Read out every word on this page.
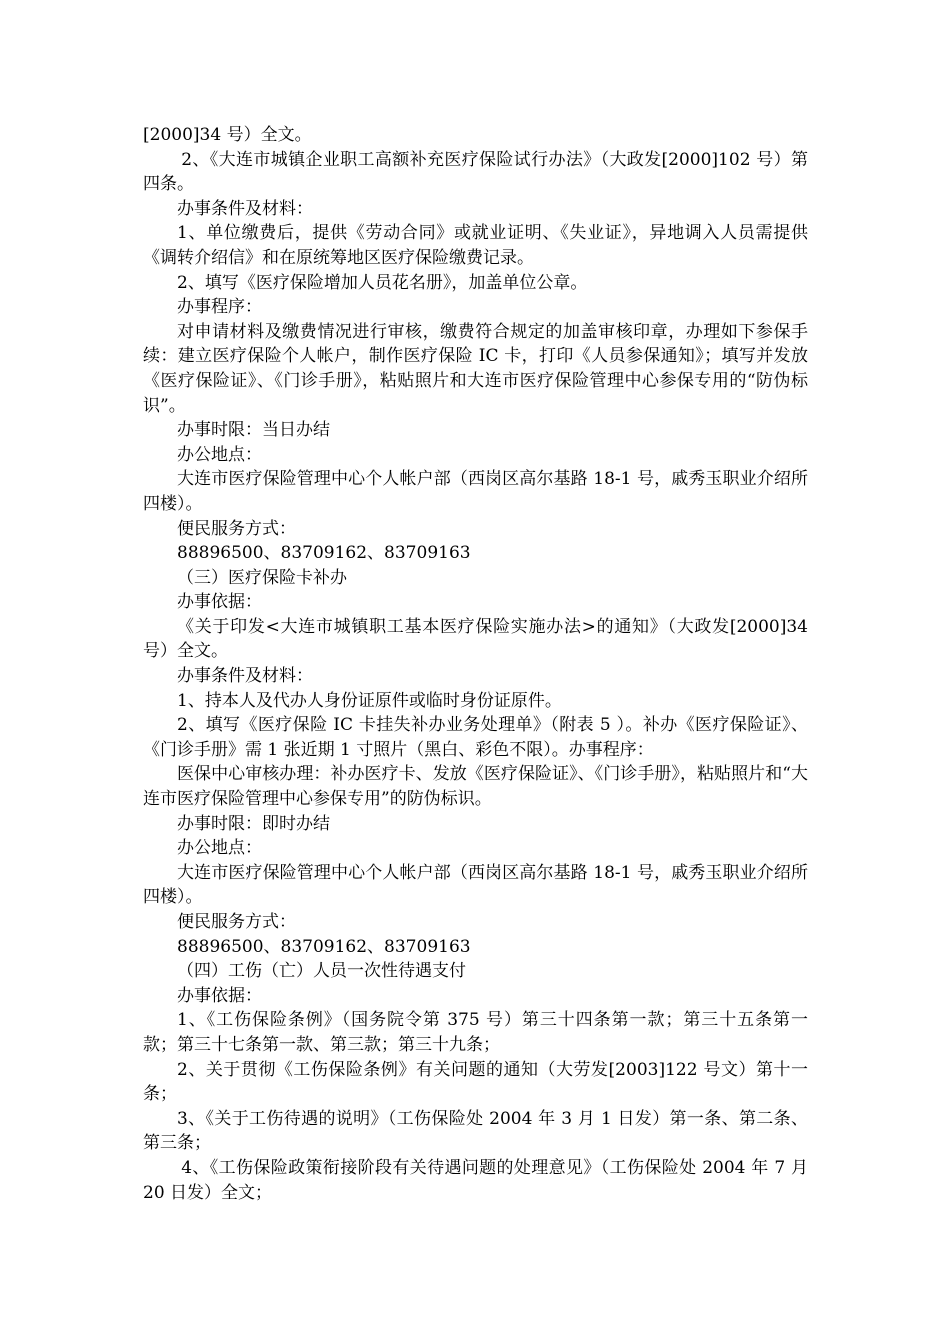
[2000]34 号）全文。

2、《大连市城镇企业职工高额补充医疗保险试行办法》（大政发[2000]102 号）第四条。

办事条件及材料：

1、单位缴费后，提供《劳动合同》或就业证明、《失业证》，异地调入人员需提供《调转介绍信》和在原统筹地区医疗保险缴费记录。

2、填写《医疗保险增加人员花名册》，加盖单位公章。

办事程序：

对申请材料及缴费情况进行审核，缴费符合规定的加盖审核印章，办理如下参保手续：建立医疗保险个人帐户，制作医疗保险 IC 卡，打印《人员参保通知》；填写并发放《医疗保险证》、《门诊手册》，粘贴照片和大连市医疗保险管理中心参保专用的“防伪标识”。

办事时限：当日办结

办公地点：

大连市医疗保险管理中心个人帐户部（西岗区高尔基路 18-1 号，戚秀玉职业介绍所四楼）。

便民服务方式：

88896500、83709162、83709163

（三）医疗保险卡补办

办事依据：

《关于印发<大连市城镇职工基本医疗保险实施办法>的通知》（大政发[2000]34 号）全文。

办事条件及材料：

1、持本人及代办人身份证原件或临时身份证原件。

2、填写《医疗保险 IC 卡挂失补办业务处理单》（附表 5 ）。补办《医疗保险证》、《门诊手册》需 1 张近期 1 寸照片（黑白、彩色不限）。办事程序：

医保中心审核办理：补办医疗卡、发放《医疗保险证》、《门诊手册》，粘贴照片和“大连市医疗保险管理中心参保专用”的防伪标识。

办事时限：即时办结

办公地点：

大连市医疗保险管理中心个人帐户部（西岗区高尔基路 18-1 号，戚秀玉职业介绍所四楼）。

便民服务方式：

88896500、83709162、83709163

（四）工伤（亡）人员一次性待遇支付

办事依据：

1、《工伤保险条例》（国务院令第 375 号）第三十四条第一款；第三十五条第一款；第三十七条第一款、第三款；第三十九条；

2、关于贯彻《工伤保险条例》有关问题的通知（大劳发[2003]122 号文）第十一条；

3、《关于工伤待遇的说明》（工伤保险处 2004 年 3 月 1 日发）第一条、第二条、第三条；

4、《工伤保险政策衔接阶段有关待遇问题的处理意见》（工伤保险处 2004 年 7 月 20 日发）全文；
